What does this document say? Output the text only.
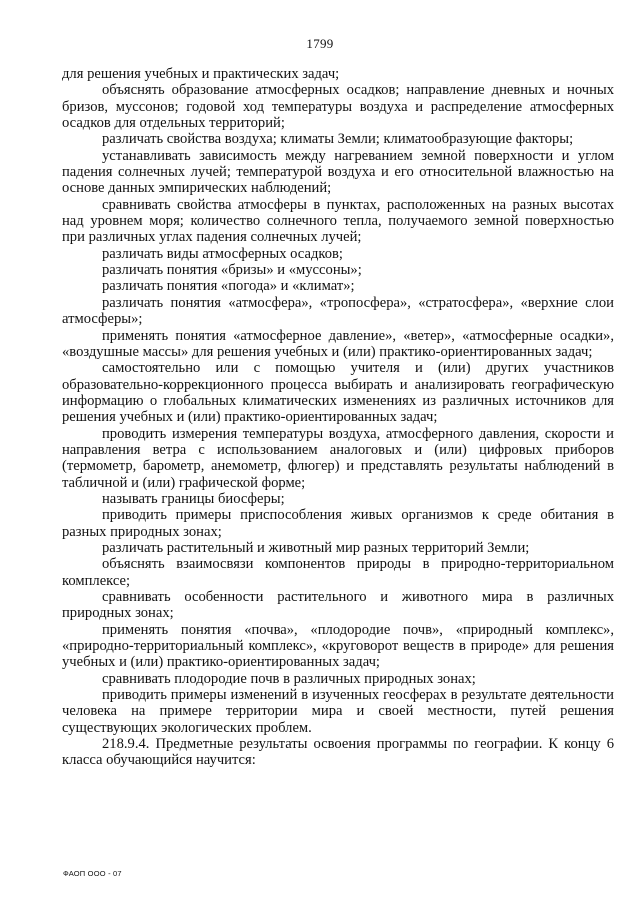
1799

для решения учебных и практических задач;

объяснять образование атмосферных осадков; направление дневных и ночных бризов, муссонов; годовой ход температуры воздуха и распределение атмосферных осадков для отдельных территорий;

различать свойства воздуха; климаты Земли; климатообразующие факторы;

устанавливать зависимость между нагреванием земной поверхности и углом падения солнечных лучей; температурой воздуха и его относительной влажностью на основе данных эмпирических наблюдений;

сравнивать свойства атмосферы в пунктах, расположенных на разных высотах над уровнем моря; количество солнечного тепла, получаемого земной поверхностью при различных углах падения солнечных лучей;

различать виды атмосферных осадков;

различать понятия «бризы» и «муссоны»;

различать понятия «погода» и «климат»;

различать понятия «атмосфера», «тропосфера», «стратосфера», «верхние слои атмосферы»;

применять понятия «атмосферное давление», «ветер», «атмосферные осадки», «воздушные массы» для решения учебных и (или) практико-ориентированных задач;

самостоятельно или с помощью учителя и (или) других участников образовательно-коррекционного процесса выбирать и анализировать географическую информацию о глобальных климатических изменениях из различных источников для решения учебных и (или) практико-ориентированных задач;

проводить измерения температуры воздуха, атмосферного давления, скорости и направления ветра с использованием аналоговых и (или) цифровых приборов (термометр, барометр, анемометр, флюгер) и представлять результаты наблюдений в табличной и (или) графической форме;

называть границы биосферы;

приводить примеры приспособления живых организмов к среде обитания в разных природных зонах;

различать растительный и животный мир разных территорий Земли;

объяснять взаимосвязи компонентов природы в природно-территориальном комплексе;

сравнивать особенности растительного и животного мира в различных природных зонах;

применять понятия «почва», «плодородие почв», «природный комплекс», «природно-территориальный комплекс», «круговорот веществ в природе» для решения учебных и (или) практико-ориентированных задач;

сравнивать плодородие почв в различных природных зонах;

приводить примеры изменений в изученных геосферах в результате деятельности человека на примере территории мира и своей местности, путей решения существующих экологических проблем.

218.9.4. Предметные результаты освоения программы по географии. К концу 6 класса обучающийся научится:

ФАОП ООО - 07
